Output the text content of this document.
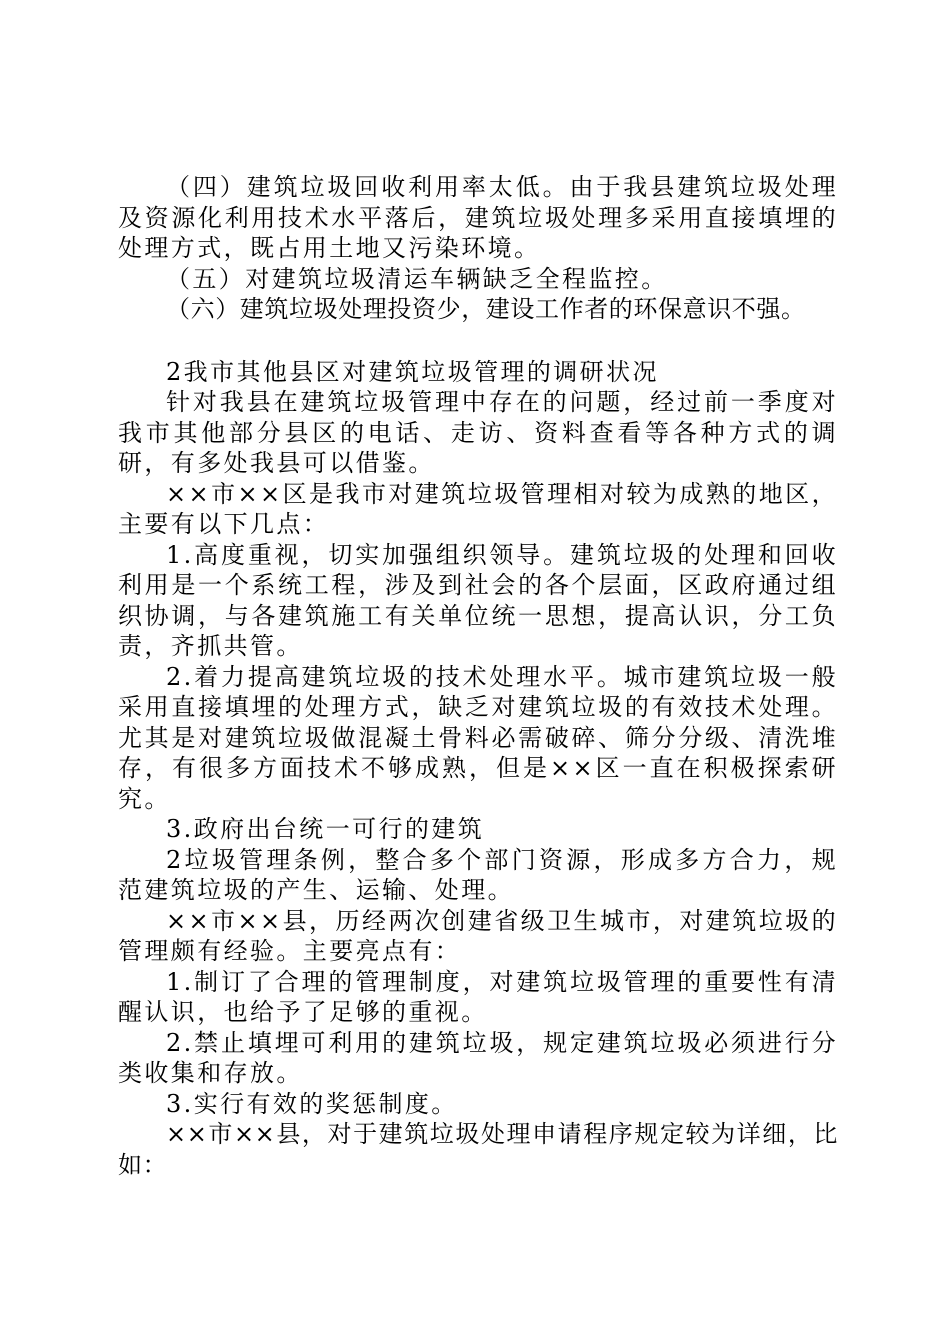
（四）建筑垃圾回收利用率太低。由于我县建筑垃圾处理及资源化利用技术水平落后，建筑垃圾处理多采用直接填埋的处理方式，既占用土地又污染环境。

（五）对建筑垃圾清运车辆缺乏全程监控。

（六）建筑垃圾处理投资少，建设工作者的环保意识不强。

2我市其他县区对建筑垃圾管理的调研状况

针对我县在建筑垃圾管理中存在的问题，经过前一季度对我市其他部分县区的电话、走访、资料查看等各种方式的调研，有多处我县可以借鉴。

××市××区是我市对建筑垃圾管理相对较为成熟的地区，主要有以下几点：

1.高度重视，切实加强组织领导。建筑垃圾的处理和回收利用是一个系统工程，涉及到社会的各个层面，区政府通过组织协调，与各建筑施工有关单位统一思想，提高认识，分工负责，齐抓共管。

2.着力提高建筑垃圾的技术处理水平。城市建筑垃圾一般采用直接填埋的处理方式，缺乏对建筑垃圾的有效技术处理。尤其是对建筑垃圾做混凝土骨料必需破碎、筛分分级、清洗堆存，有很多方面技术不够成熟，但是××区一直在积极探索研究。

3.政府出台统一可行的建筑

2垃圾管理条例，整合多个部门资源，形成多方合力，规范建筑垃圾的产生、运输、处理。

××市××县，历经两次创建省级卫生城市，对建筑垃圾的管理颇有经验。主要亮点有：

1.制订了合理的管理制度，对建筑垃圾管理的重要性有清醒认识，也给予了足够的重视。

2.禁止填埋可利用的建筑垃圾，规定建筑垃圾必须进行分类收集和存放。

3.实行有效的奖惩制度。

××市××县，对于建筑垃圾处理申请程序规定较为详细，比如：
